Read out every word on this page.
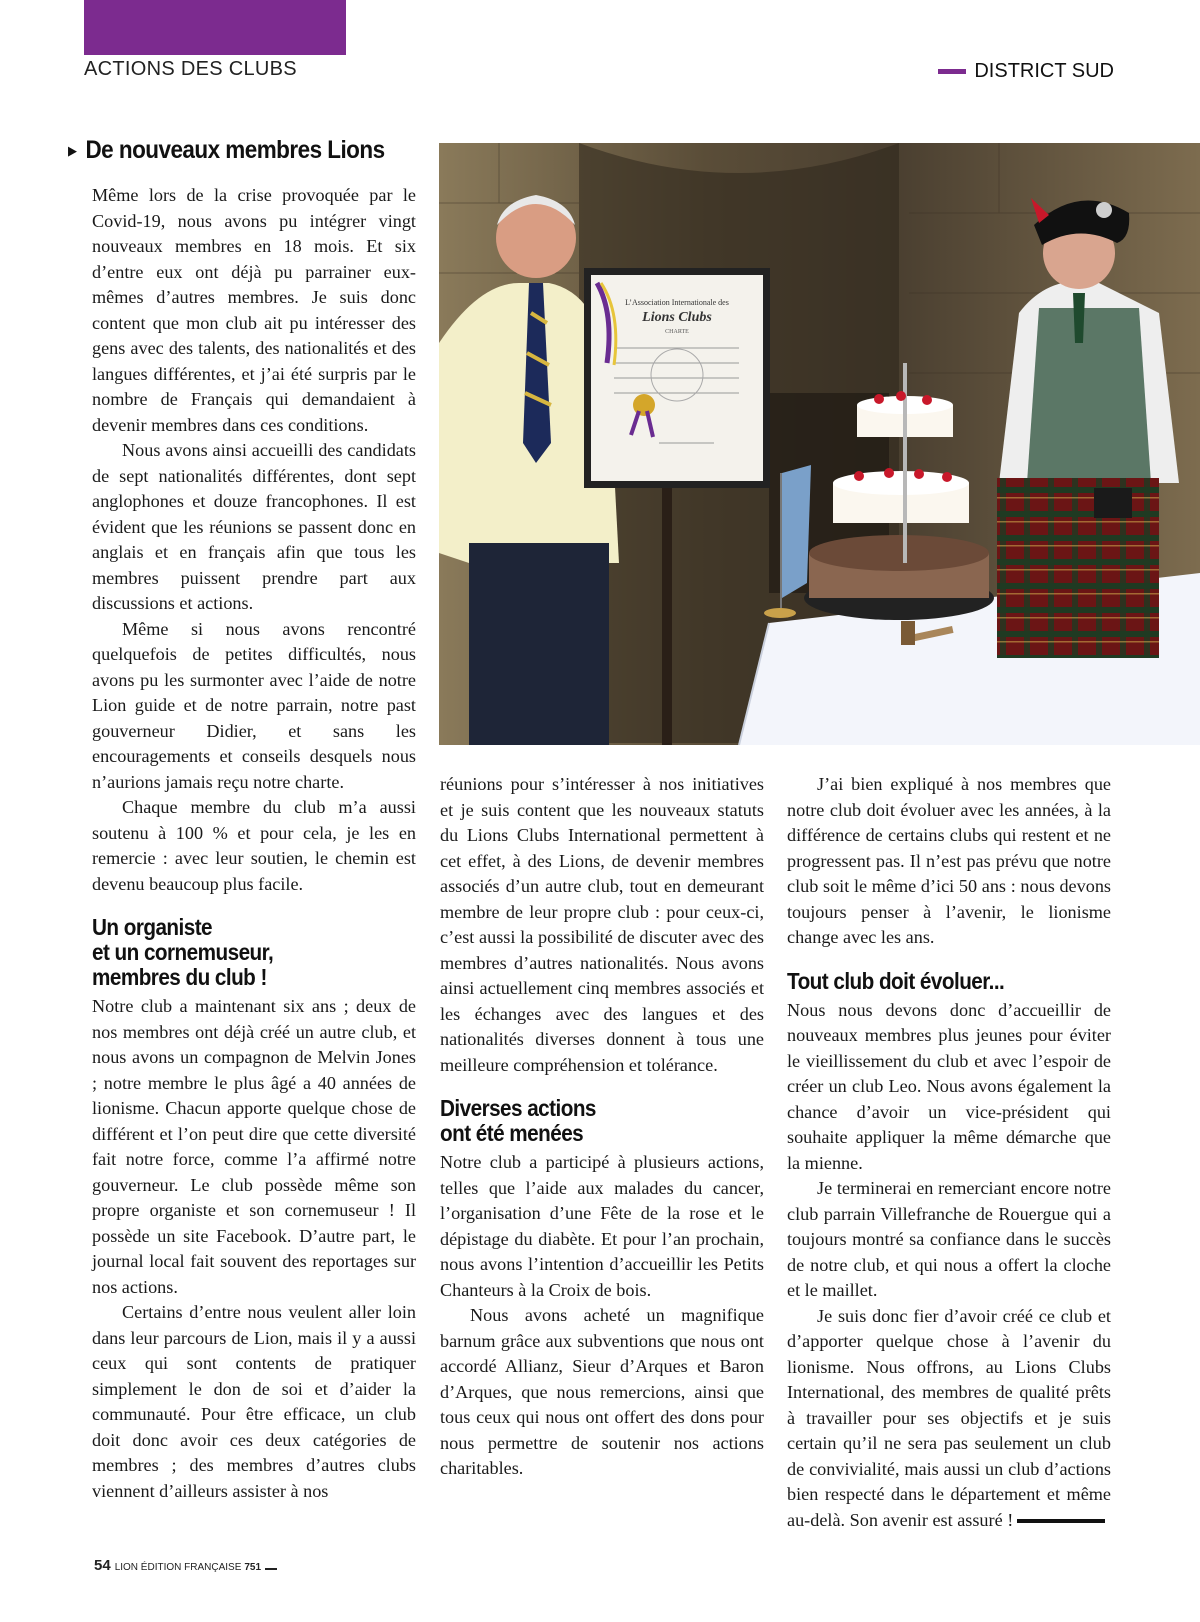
ACTIONS DES CLUBS	DISTRICT SUD
▶ De nouveaux membres Lions

Même lors de la crise provoquée par le Covid-19, nous avons pu intégrer vingt nouveaux membres en 18 mois. Et six d’entre eux ont déjà pu parrainer eux-mêmes d’autres membres. Je suis donc content que mon club ait pu intéresser des gens avec des talents, des nationalités et des langues différentes, et j’ai été surpris par le nombre de Français qui demandaient à devenir membres dans ces conditions.

Nous avons ainsi accueilli des candidats de sept nationalités différentes, dont sept anglophones et douze francophones. Il est évident que les réunions se passent donc en anglais et en français afin que tous les membres puissent prendre part aux discussions et actions.

Même si nous avons rencontré quelquefois de petites difficultés, nous avons pu les surmonter avec l’aide de notre Lion guide et de notre parrain, notre past gouverneur Didier, et sans les encouragements et conseils desquels nous n’aurions jamais reçu notre charte.

Chaque membre du club m’a aussi soutenu à 100 % et pour cela, je les en remercie : avec leur soutien, le chemin est devenu beaucoup plus facile.

Un organiste
et un cornemuseur,
membres du club !

Notre club a maintenant six ans ; deux de nos membres ont déjà créé un autre club, et nous avons un compagnon de Melvin Jones ; notre membre le plus âgé a 40 années de lionisme. Chacun apporte quelque chose de différent et l’on peut dire que cette diversité fait notre force, comme l’a affirmé notre gouverneur. Le club possède même son propre organiste et son cornemuseur ! Il possède un site Facebook. D’autre part, le journal local fait souvent des reportages sur nos actions.

Certains d’entre nous veulent aller loin dans leur parcours de Lion, mais il y a aussi ceux qui sont contents de pratiquer simplement le don de soi et d’aider la communauté. Pour être efficace, un club doit donc avoir ces deux catégories de membres ; des membres d’autres clubs viennent d’ailleurs assister à nos

L’Association Internationale des
Lions Clubs
CHARTE

réunions pour s’intéresser à nos initiatives et je suis content que les nouveaux statuts du Lions Clubs International permettent à cet effet, à des Lions, de devenir membres associés d’un autre club, tout en demeurant membre de leur propre club : pour ceux-ci, c’est aussi la possibilité de discuter avec des membres d’autres nationalités. Nous avons ainsi actuellement cinq membres associés et les échanges avec des langues et des nationalités diverses donnent à tous une meilleure compréhension et tolérance.

Diverses actions
ont été menées

Notre club a participé à plusieurs actions, telles que l’aide aux malades du cancer, l’organisation d’une Fête de la rose et le dépistage du diabète. Et pour l’an prochain, nous avons l’intention d’accueillir les Petits Chanteurs à la Croix de bois.

Nous avons acheté un magnifique barnum grâce aux subventions que nous ont accordé Allianz, Sieur d’Arques et Baron d’Arques, que nous remercions, ainsi que tous ceux qui nous ont offert des dons pour nous permettre de soutenir nos actions charitables.

J’ai bien expliqué à nos membres que notre club doit évoluer avec les années, à la différence de certains clubs qui restent et ne progressent pas. Il n’est pas prévu que notre club soit le même d’ici 50 ans : nous devons toujours penser à l’avenir, le lionisme change avec les ans.

Tout club doit évoluer...

Nous nous devons donc d’accueillir de nouveaux membres plus jeunes pour éviter le vieillissement du club et avec l’espoir de créer un club Leo. Nous avons également la chance d’avoir un vice-président qui souhaite appliquer la même démarche que la mienne.

Je terminerai en remerciant encore notre club parrain Villefranche de Rouergue qui a toujours montré sa confiance dans le succès de notre club, et qui nous a offert la cloche et le maillet.

Je suis donc fier d’avoir créé ce club et d’apporter quelque chose à l’avenir du lionisme. Nous offrons, au Lions Clubs International, des membres de qualité prêts à travailler pour ses objectifs et je suis certain qu’il ne sera pas seulement un club de convivialité, mais aussi un club d’actions bien respecté dans le département et même au-delà. Son avenir est assuré !

54 LION ÉDITION FRANÇAISE 751
